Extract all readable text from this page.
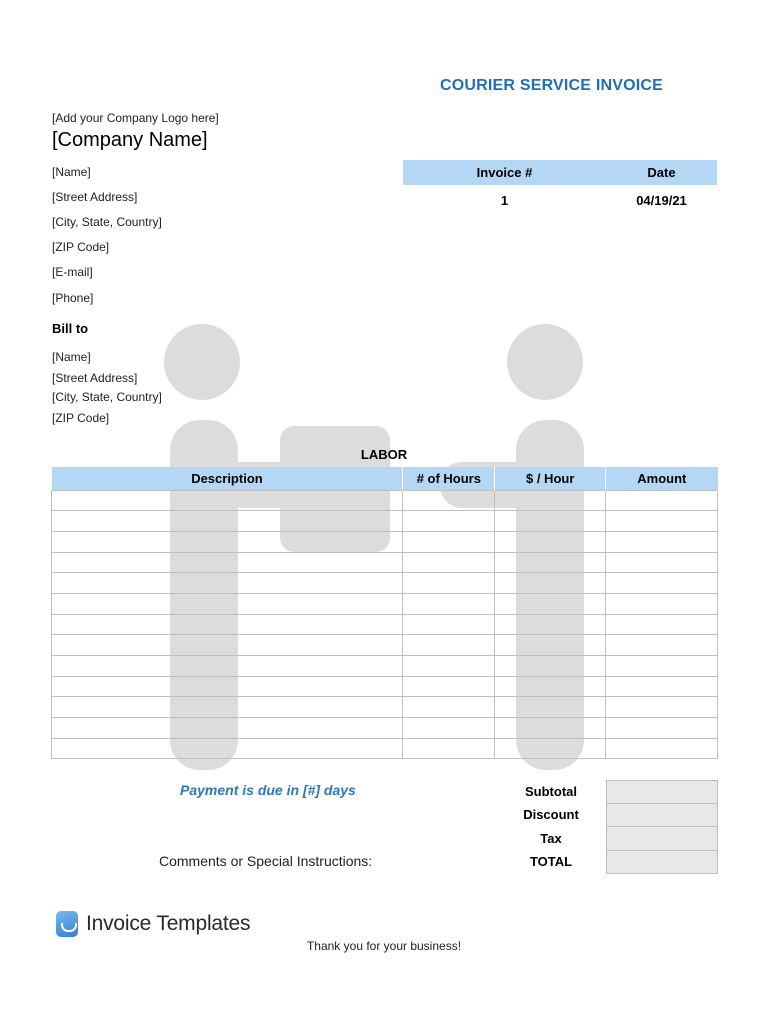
COURIER SERVICE INVOICE
[Add your Company Logo here]
[Company Name]
[Name]
[Street Address]
[City, State, Country]
[ZIP Code]
[E-mail]
[Phone]
Invoice #	Date
1	04/19/21
Bill to
[Name]
[Street Address]
[City, State, Country]
[ZIP Code]
LABOR
Description	# of Hours	$ / Hour	Amount

Payment is due in [#] days
Comments or Special Instructions:
Subtotal
Discount
Tax
TOTAL
Invoice Templates
Thank you for your business!
